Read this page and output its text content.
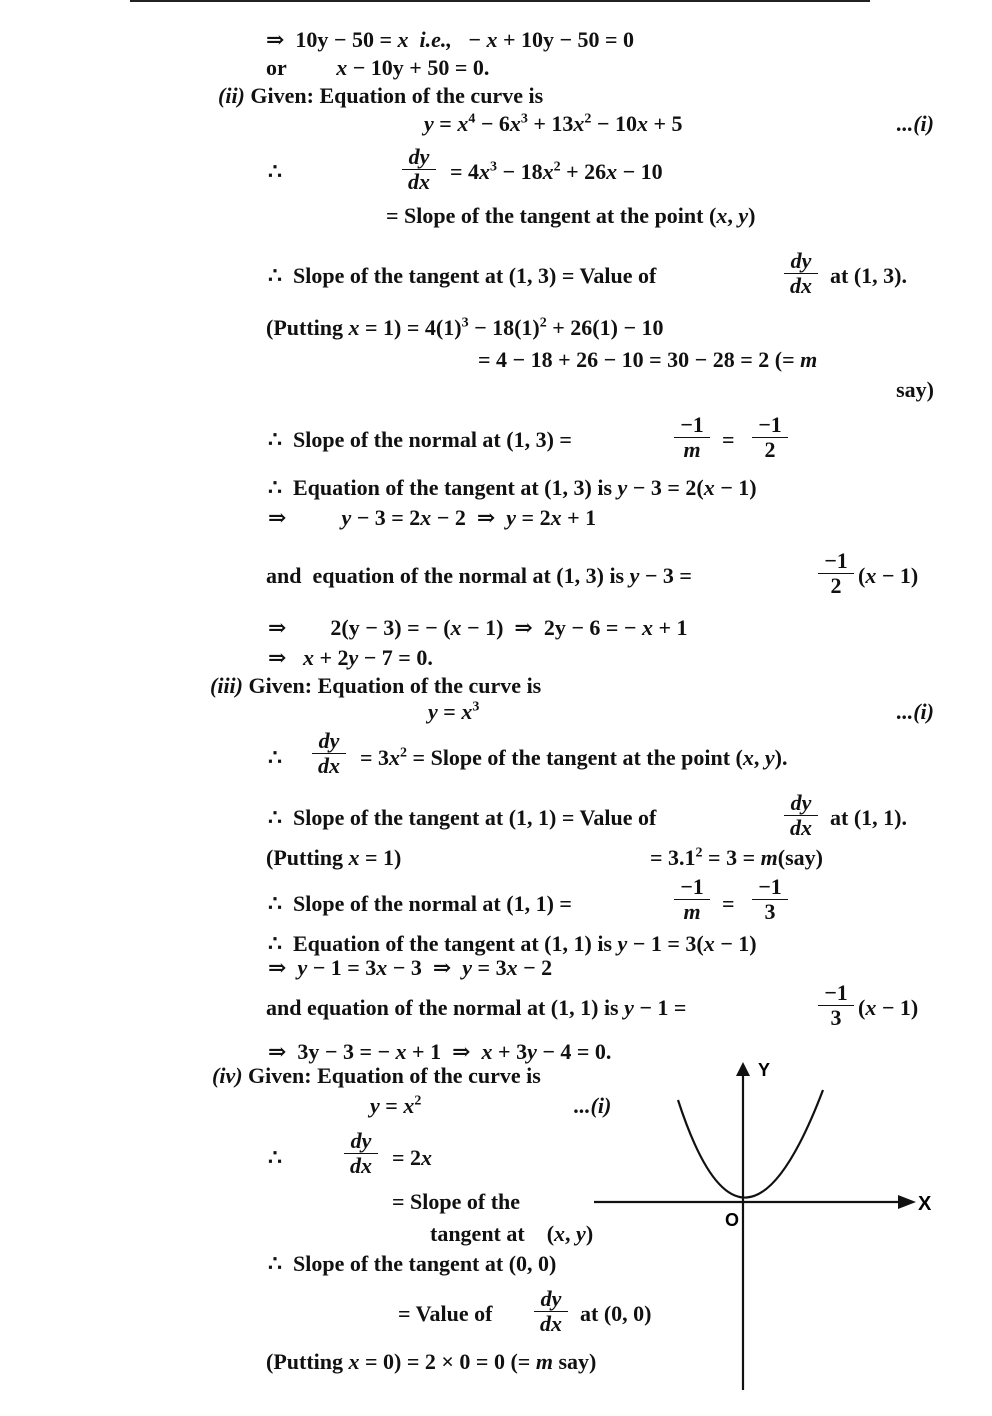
⇒  10y − 50 = x i.e.,   − x + 10y − 50 = 0
or         x − 10y + 50 = 0.
(ii) Given: Equation of the curve is
$y = x^4 - 6x^3 + 13x^2 - 10x + 5$	...(i)
∴
dy
dx = $4x^3 - 18x^2 + 26x - 10$
= Slope of the tangent at the point (x, y)
∴  Slope of the tangent at (1, 3) = Value of
dy
dx at (1, 3).
(Putting $x = 1) = 4(1)^3 - 18(1)^2 + 26(1) - 10$
= 4 − 18 + 26 − 10 = 30 − 28 = 2 (= m
say)
∴  Slope of the normal at (1, 3) =
−1
m =
−1
2
∴  Equation of the tangent at (1, 3) is y − 3 = 2(x − 1)
⇒          y − 3 = 2x − 2  ⇒  y = 2x + 1
and  equation of the normal at (1, 3) is y − 3 =
−1
2 (x − 1)
⇒        2(y − 3) = − (x − 1)  ⇒  2y − 6 = − x + 1
⇒   x + 2y − 7 = 0.
(iii) Given: Equation of the curve is
$y = x^3$	...(i)
∴
dy
dx = $3x^2$ = Slope of the tangent at the point (x, y).
∴  Slope of the tangent at (1, 1) = Value of
dy
dx at (1, 1).
(Putting x = 1)	= $3.1^2 = 3 = m(say)$
∴  Slope of the normal at (1, 1) =
−1
m =
−1
3
∴  Equation of the tangent at (1, 1) is y − 1 = 3(x − 1)
⇒  y − 1 = 3x − 3  ⇒  y = 3x − 2
and equation of the normal at (1, 1) is y − 1 =
−1
3 (x − 1)
⇒  3y − 3 = − x + 1  ⇒  x + 3y − 4 = 0.
(iv) Given: Equation of the curve is
$y = x^2$	...(i)
∴
dy
dx = 2x
= Slope of the
tangent at    (x, y)
∴  Slope of the tangent at (0, 0)
= Value of
dy
dx at (0, 0)
(Putting x = 0) = 2 × 0 = 0 (= m say)
Y
X
O
